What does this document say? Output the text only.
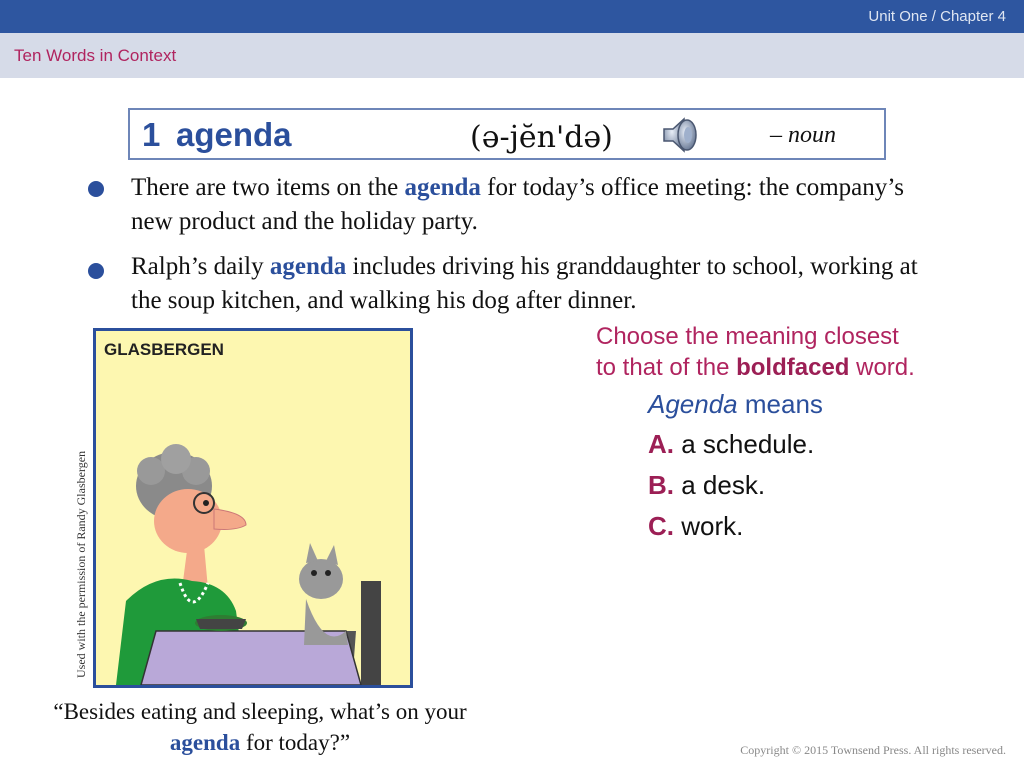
Unit One / Chapter 4
Ten Words in Context
1 agenda	(ə-jĕn'də)	– noun
There are two items on the agenda for today’s office meeting: the company’s new product and the holiday party.
Ralph’s daily agenda includes driving his granddaughter to school, working at the soup kitchen, and walking his dog after dinner.
GLASBERGEN
Used with the permission of Randy Glasbergen
“Besides eating and sleeping, what’s on your agenda for today?”
Choose the meaning closest
to that of the boldfaced word.
Agenda means
A. a schedule.
B. a desk.
C. work.
Copyright © 2015 Townsend Press. All rights reserved.
